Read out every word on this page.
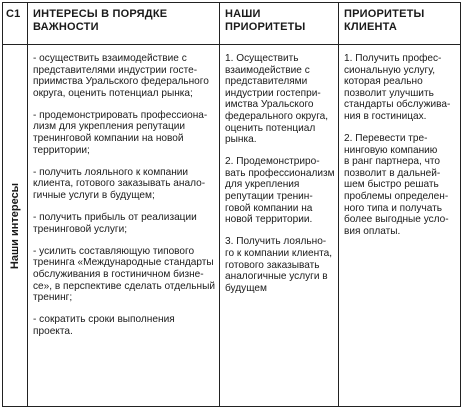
С1 ИНТЕРЕСЫ В ПОРЯДКЕ
ВАЖНОСТИ
НАШИ
ПРИОРИТЕТЫ
ПРИОРИТЕТЫ
КЛИЕНТА
Наши интересы

- осуществить взаимодействие с
представителями индустрии госте-
приимства Уральского федерального
округа, оценить потенциал рынка;

- продемонстрировать профессиона-
лизм для укрепления репутации
тренинговой компании на новой
территории;

- получить лояльного к компании
клиента, готового заказывать анало-
гичные услуги в будущем;

- получить прибыль от реализации
тренинговой услуги;

- усилить составляющую типового
тренинга «Международные стандарты
обслуживания в гостиничном бизне-
се», в перспективе сделать отдельный
тренинг;

- сократить сроки выполнения
проекта.

1. Осуществить
взаимодействие с
представителями
индустрии гостепри-
имства Уральского
федерального округа,
оценить потенциал
рынка.

2. Продемонстриро-
вать профессионализм
для укрепления
репутации тренин-
говой компании на
новой территории.

3. Получить лояльно-
го к компании клиента,
готового заказывать
аналогичные услуги в
будущем

1. Получить профес-
сиональную услугу,
которая реально
позволит улучшить
стандарты обслужива-
ния в гостиницах.

2. Перевести тре-
нинговую компанию
в ранг партнера, что
позволит в дальней-
шем быстро решать
проблемы определен-
ного типа и получать
более выгодные усло-
вия оплаты.
